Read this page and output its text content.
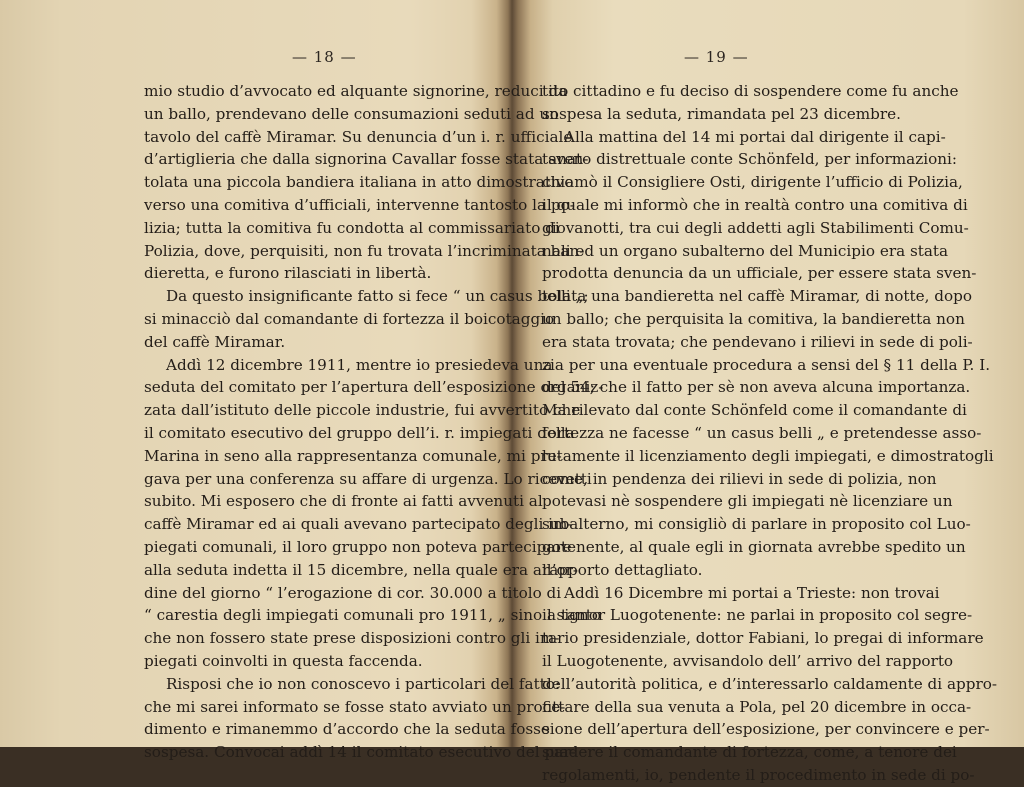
— 18 —
mio studio d’avvocato ed alquante signorine, reduci da
un ballo, prendevano delle consumazioni seduti ad un
tavolo del caffè Miramar. Su denuncia d’un i. r. ufficiale
d’artiglieria che dalla signorina Cavallar fosse stata sven-
tolata una piccola bandiera italiana in atto dimostrativo
verso una comitiva d’ufficiali, intervenne tantosto la po-
lizia; tutta la comitiva fu condotta al commissariato di
Polizia, dove, perquisiti, non fu trovata l’incriminata ban-
dieretta, e furono rilasciati in libertà.
Da questo insignificante fatto si fece “ un casus belli „;
si minacciò dal comandante di fortezza il boicotaggio
del caffè Miramar.
Addì 12 dicembre 1911, mentre io presiedeva una
seduta del comitato per l’apertura dell’esposizione organiz-
zata dall’istituto delle piccole industrie, fui avvertito che
il comitato esecutivo del gruppo dell’i. r. impiegati della
Marina in seno alla rappresentanza comunale, mi pre-
gava per una conferenza su affare di urgenza. Lo ricevetti
subito. Mi esposero che di fronte ai fatti avvenuti al
caffè Miramar ed ai quali avevano partecipato degli im-
piegati comunali, il loro gruppo non poteva partecipare
alla seduta indetta il 15 dicembre, nella quale era all’or-
dine del giorno “ l’erogazione di cor. 30.000 a titolo di
“ carestia degli impiegati comunali pro 1911, „ sino a tanto
che non fossero state prese disposizioni contro gli im-
piegati coinvolti in questa faccenda.
Risposi che io non conoscevo i particolari del fatto:
che mi sarei informato se fosse stato avviato un proce-
dimento e rimanemmo d’accordo che la seduta fosse
sospesa. Convocai addì 14 il comitato esecutivo del par-
— 19 —
tito cittadino e fu deciso di sospendere come fu anche
sospesa la seduta, rimandata pel 23 dicembre.
Alla mattina del 14 mi portai dal dirigente il capi-
tanato distrettuale conte Schönfeld, per informazioni:
chiamò il Consigliere Osti, dirigente l’ufficio di Polizia,
il quale mi informò che in realtà contro una comitiva di
giovanotti, tra cui degli addetti agli Stabilimenti Comu-
nali ed un organo subalterno del Municipio era stata
prodotta denuncia da un ufficiale, per essere stata sven-
tolata una bandieretta nel caffè Miramar, di notte, dopo
un ballo; che perquisita la comitiva, la bandieretta non
era stata trovata; che pendevano i rilievi in sede di poli-
zia per una eventuale procedura a sensi del § 11 della P. I.
del 54; che il fatto per sè non aveva alcuna importanza.
Ma rilevato dal conte Schönfeld come il comandante di
fortezza ne facesse “ un casus belli „ e pretendesse asso-
lutamente il licenziamento degli impiegati, e dimostratogli
come, in pendenza dei rilievi in sede di polizia, non
potevasi nè sospendere gli impiegati nè licenziare un
subalterno, mi consigliò di parlare in proposito col Luo-
gotenente, al quale egli in giornata avrebbe spedito un
rapporto dettagliato.
Addì 16 Dicembre mi portai a Trieste: non trovai
il signor Luogotenente: ne parlai in proposito col segre-
tario presidenziale, dottor Fabiani, lo pregai di informare
il Luogotenente, avvisandolo dell’ arrivo del rapporto
dell’autorità politica, e d’interessarlo caldamente di appro-
fittare della sua venuta a Pola, pel 20 dicembre in occa-
sione dell’apertura dell’esposizione, per convincere e per-
suadere il comandante di fortezza, come, a tenore dei
regolamenti, io, pendente il procedimento in sede di po-
